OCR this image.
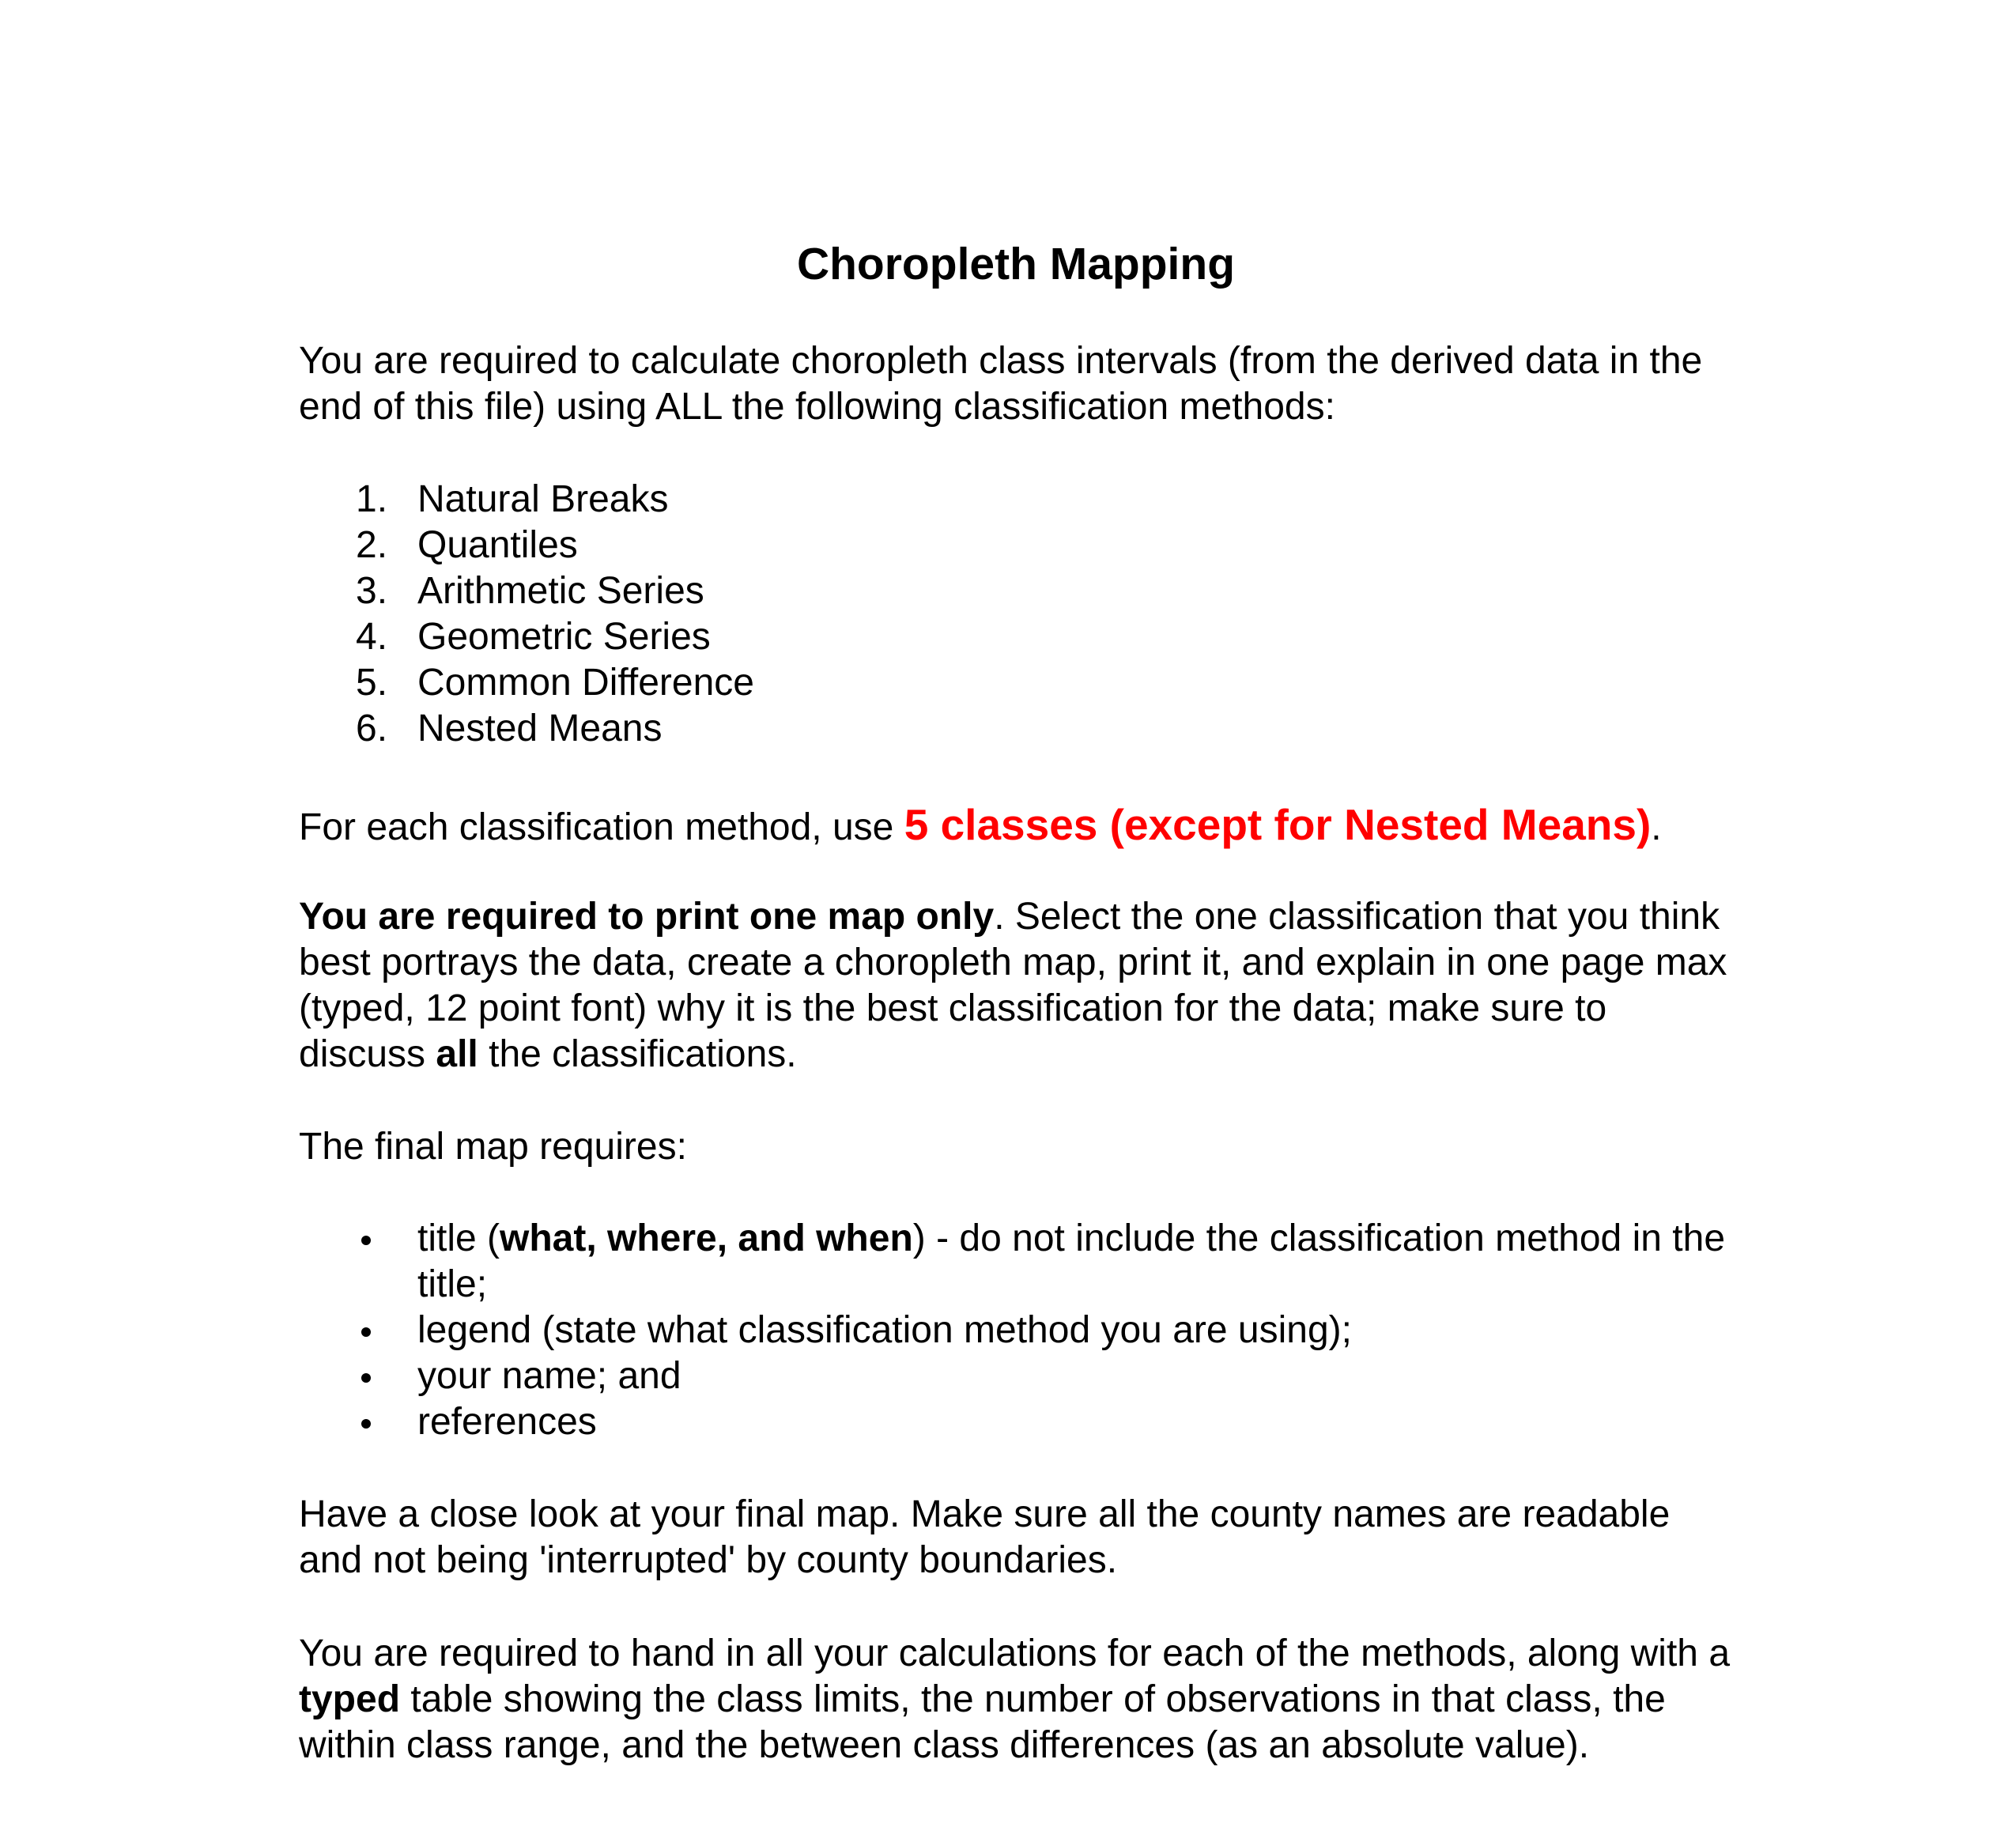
Choropleth Mapping

You are required to calculate choropleth class intervals (from the derived data in the end of this file) using ALL the following classification methods:

1. Natural Breaks
2. Quantiles
3. Arithmetic Series
4. Geometric Series
5. Common Difference
6. Nested Means

For each classification method, use 5 classes (except for Nested Means).

You are required to print one map only. Select the one classification that you think best portrays the data, create a choropleth map, print it, and explain in one page max (typed, 12 point font) why it is the best classification for the data; make sure to discuss all the classifications.

The final map requires:

title (what, where, and when) - do not include the classification method in the title;
legend (state what classification method you are using);
your name; and
references

Have a close look at your final map. Make sure all the county names are readable and not being 'interrupted' by county boundaries.

You are required to hand in all your calculations for each of the methods, along with a typed table showing the class limits, the number of observations in that class, the within class range, and the between class differences (as an absolute value).
